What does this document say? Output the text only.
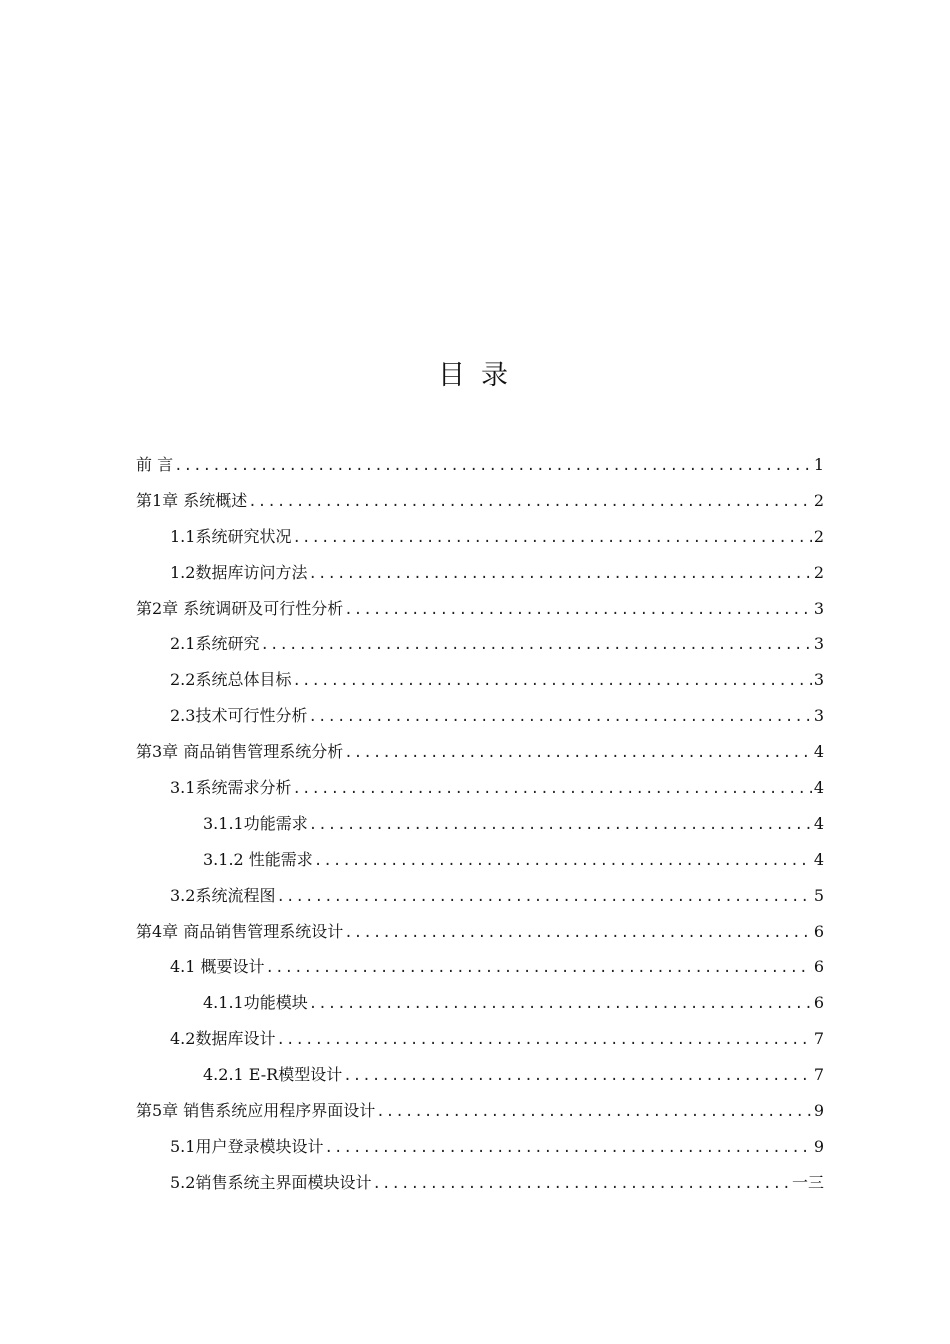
目录
前 言 .....	1
第1章 系统概述 .....	2
1.1系统研究状况 .....	2
1.2数据库访问方法 .....	2
第2章 系统调研及可行性分析 .....	3
2.1系统研究 .....	3
2.2系统总体目标 .....	3
2.3技术可行性分析 .....	3
第3章 商品销售管理系统分析 .....	4
3.1系统需求分析 .....	4
3.1.1功能需求 .....	4
3.1.2 性能需求 .....	4
3.2系统流程图 .....	5
第4章 商品销售管理系统设计 .....	6
4.1 概要设计 .....	6
4.1.1功能模块 .....	6
4.2数据库设计 .....	7
4.2.1 E-R模型设计 .....	7
第5章 销售系统应用程序界面设计 .....	9
5.1用户登录模块设计 .....	9
5.2销售系统主界面模块设计 .....	一三
